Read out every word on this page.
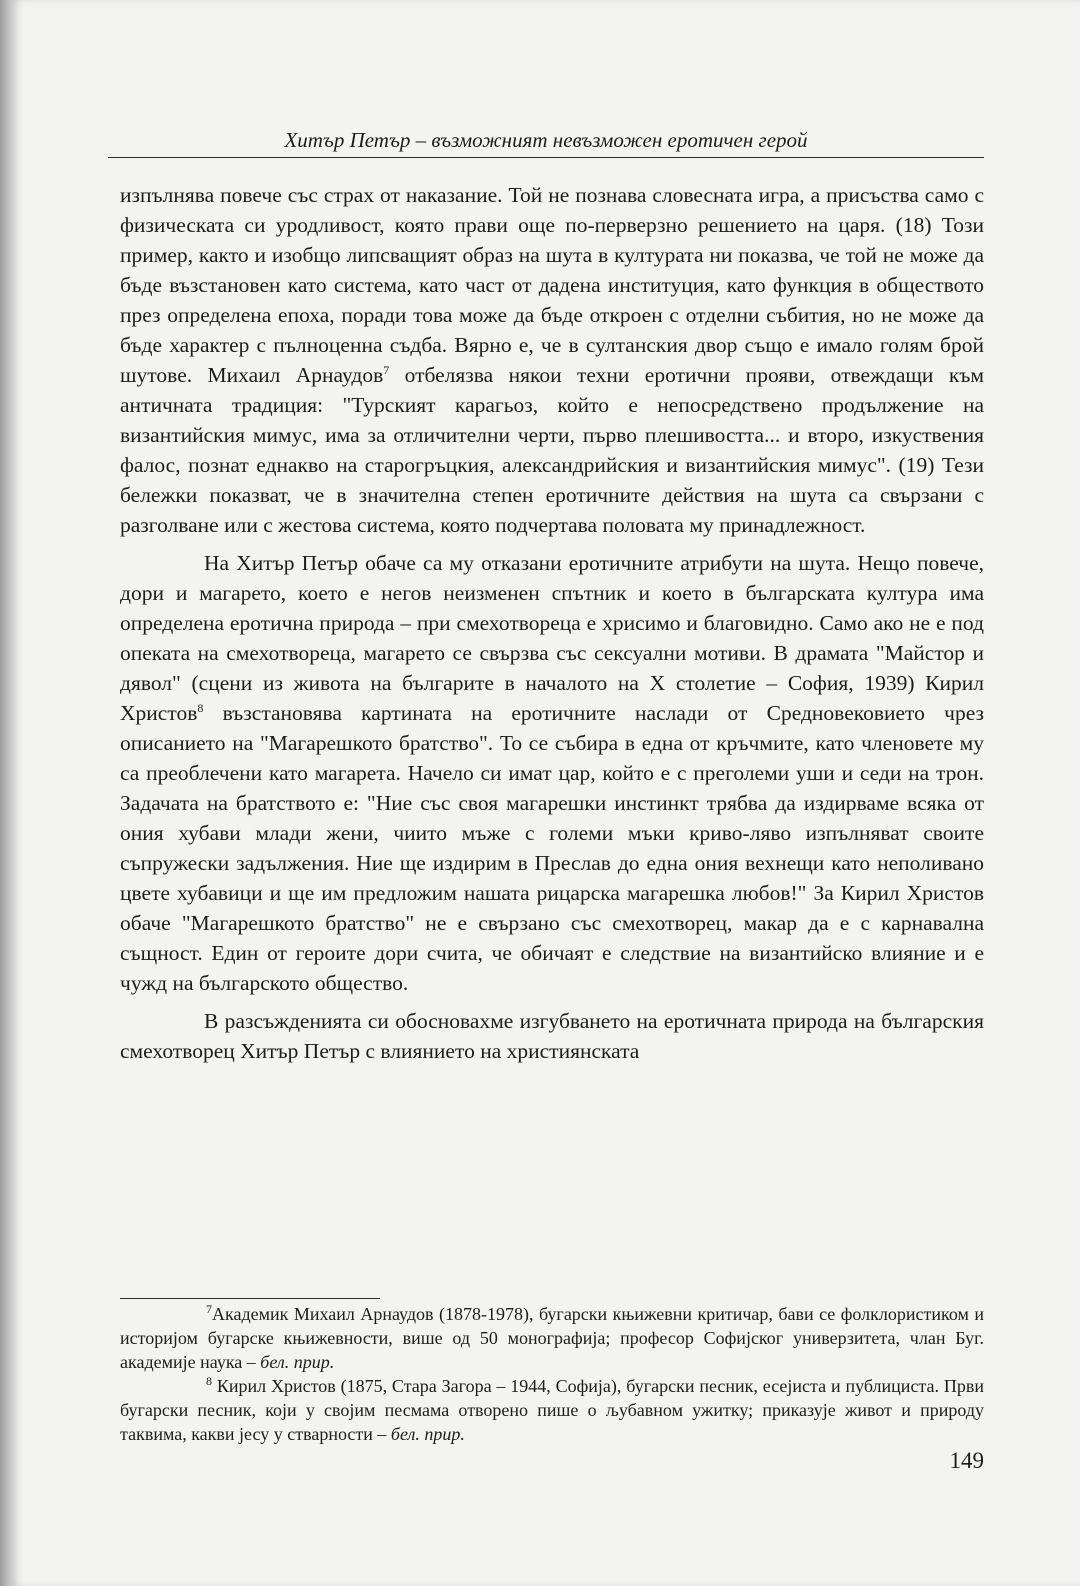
Хитър Петър – възможният невъзможен еротичен герой

изпълнява повече със страх от наказание. Той не познава словесната игра, а присъства само с физическата си уродливост, която прави още по-перверзно решението на царя. (18) Този пример, както и изобщо липсващият образ на шута в културата ни показва, че той не може да бъде възстановен като система, като част от дадена институция, като функция в обществото през определена епоха, поради това може да бъде откроен с отделни събития, но не може да бъде характер с пълноценна съдба. Вярно е, че в султанския двор също е имало голям брой шутове. Михаил Арнаудов$^7$ отбелязва някои техни еротични прояви, отвеждащи към античната традиция: "Турският карагьоз, който е непосредствено продължение на византийския мимус, има за отличителни черти, първо плешивостта... и второ, изкуствения фалос, познат еднакво на старогръцкия, александрийския и византийския мимус". (19) Тези бележки показват, че в значителна степен еротичните действия на шута са свързани с разголване или с жестова система, която подчертава половата му принадлежност.

На Хитър Петър обаче са му отказани еротичните атрибути на шута. Нещо повече, дори и магарето, което е негов неизменен спътник и което в българската култура има определена еротична природа – при смехотвореца е хрисимо и благовидно. Само ако не е под опеката на смехотвореца, магарето се свързва със сексуални мотиви. В драмата "Майстор и дявол" (сцени из живота на българите в началото на X столетие – София, 1939) Кирил Христов$^8$ възстановява картината на еротичните наслади от Средновековието чрез описанието на "Магарешкото братство". То се събира в една от кръчмите, като членовете му са преоблечени като магарета. Начело си имат цар, който е с преголеми уши и седи на трон. Задачата на братството е: "Ние със своя магарешки инстинкт трябва да издирваме всяка от ония хубави млади жени, чиито мъже с големи мъки криво-ляво изпълняват своите съпружески задължения. Ние ще издирим в Преслав до една ония вехнещи като неполивано цвете хубавици и ще им предложим нашата рицарска магарешка любов!" За Кирил Христов обаче "Магарешкото братство" не е свързано със смехотворец, макар да е с карнавална същност. Един от героите дори счита, че обичаят е следствие на византийско влияние и е чужд на българското общество.

В разсъжденията си обосновахме изгубването на еротичната природа на българския смехотворец Хитър Петър с влиянието на християнската

$^7$Академик Михаил Арнаудов (1878-1978), бугарски књижевни критичар, бави се фолклористиком и историјом бугарске књижевности, више од 50 монографија; професор Софијског универзитета, члан Буг. академије наука – бел. прир.

$^8$ Кирил Христов (1875, Стара Загора – 1944, Софија), бугарски песник, есејиста и публициста. Први бугарски песник, који у својим песмама отворено пише о љубавном ужитку; приказује живот и природу таквима, какви јесу у стварности – бел. прир.

149
